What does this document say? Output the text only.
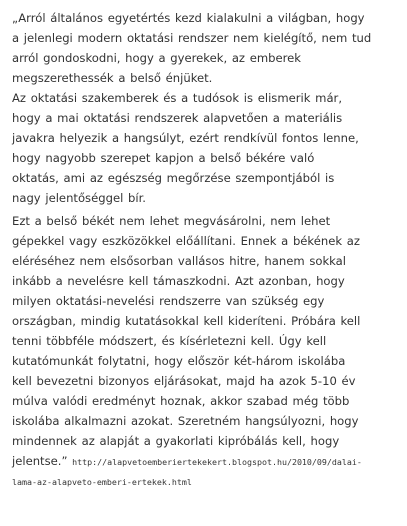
„Arról általános egyetértés kezd kialakulni a világban, hogy
a jelenlegi modern oktatási rendszer nem kielégítő, nem tud
arról gondoskodni, hogy a gyerekek, az emberek
megszerethessék a belső énjüket.
Az oktatási szakemberek és a tudósok is elismerik már,
hogy a mai oktatási rendszerek alapvetően a materiális
javakra helyezik a hangsúlyt, ezért rendkívül fontos lenne,
hogy nagyobb szerepet kapjon a belső békére való
oktatás, ami az egészség megőrzése szempontjából is
nagy jelentőséggel bír.

Ezt a belső békét nem lehet megvásárolni, nem lehet
gépekkel vagy eszközökkel előállítani. Ennek a békének az
eléréséhez nem elsősorban vallásos hitre, hanem sokkal
inkább a nevelésre kell támaszkodni. Azt azonban, hogy
milyen oktatási-nevelési rendszerre van szükség egy
országban, mindig kutatásokkal kell kideríteni. Próbára kell
tenni többféle módszert, és kísérletezni kell. Úgy kell
kutatómunkát folytatni, hogy először két-három iskolába
kell bevezetni bizonyos eljárásokat, majd ha azok 5-10 év
múlva valódi eredményt hoznak, akkor szabad még több
iskolába alkalmazni azokat. Szeretném hangsúlyozni, hogy
mindennek az alapját a gyakorlati kipróbálás kell, hogy
jelentse.” http://alapvetoemberiertekekert.blogspot.hu/2010/09/dalai-
lama-az-alapveto-emberi-ertekek.html
